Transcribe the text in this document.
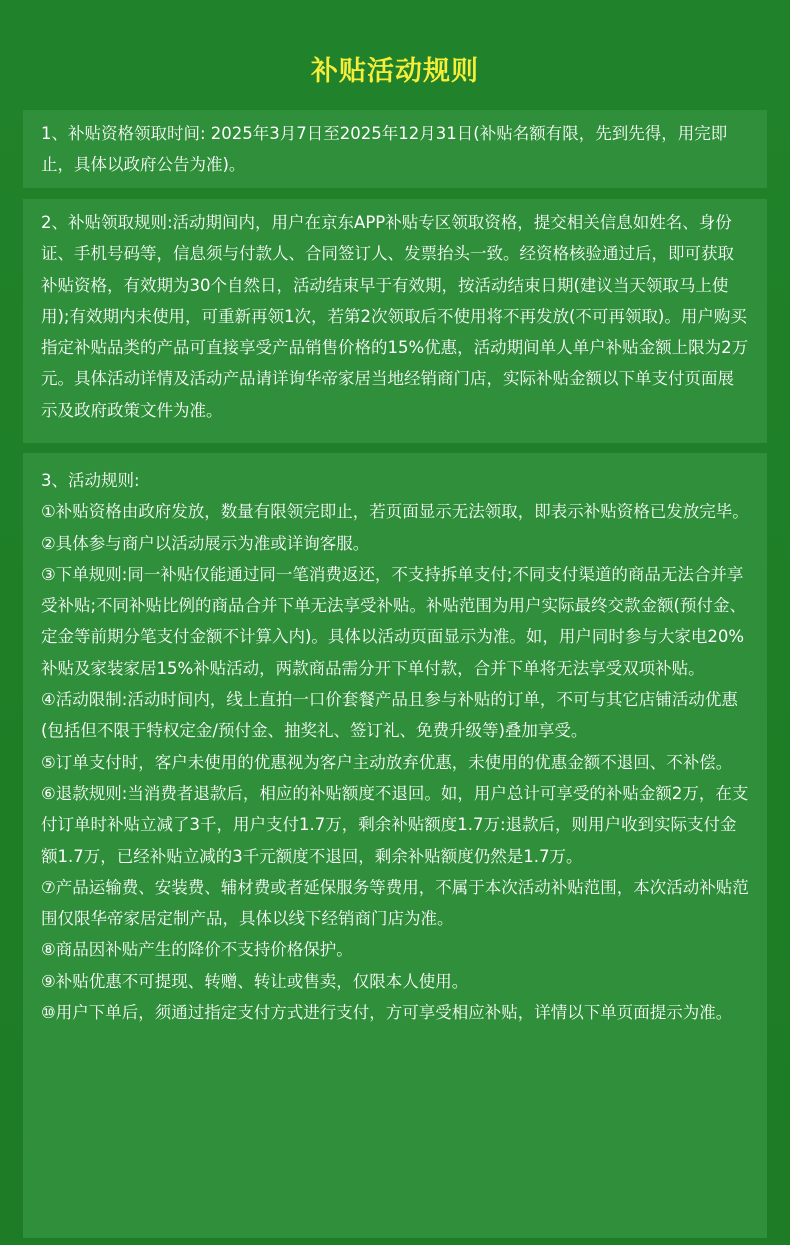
补贴活动规则

1、补贴资格领取时间: 2025年3月7日至2025年12月31日(补贴名额有限，先到先得，用完即止，具体以政府公告为准)。

2、补贴领取规则:活动期间内，用户在京东APP补贴专区领取资格，提交相关信息如姓名、身份证、手机号码等，信息须与付款人、合同签订人、发票抬头一致。经资格核验通过后，即可获取补贴资格，有效期为30个自然日，活动结束早于有效期，按活动结束日期(建议当天领取马上使用);有效期内未使用，可重新再领1次，若第2次领取后不使用将不再发放(不可再领取)。用户购买指定补贴品类的产品可直接享受产品销售价格的15%优惠，活动期间单人单户补贴金额上限为2万元。具体活动详情及活动产品请详询华帝家居当地经销商门店，实际补贴金额以下单支付页面展示及政府政策文件为准。

3、活动规则:

①补贴资格由政府发放，数量有限领完即止，若页面显示无法领取，即表示补贴资格已发放完毕。

②具体参与商户以活动展示为准或详询客服。

③下单规则:同一补贴仅能通过同一笔消费返还，不支持拆单支付;不同支付渠道的商品无法合并享受补贴;不同补贴比例的商品合并下单无法享受补贴。补贴范围为用户实际最终交款金额(预付金、定金等前期分笔支付金额不计算入内)。具体以活动页面显示为准。如，用户同时参与大家电20%补贴及家装家居15%补贴活动，两款商品需分开下单付款，合并下单将无法享受双项补贴。

④活动限制:活动时间内，线上直拍一口价套餐产品且参与补贴的订单，不可与其它店铺活动优惠(包括但不限于特权定金/预付金、抽奖礼、签订礼、免费升级等)叠加享受。

⑤订单支付时，客户未使用的优惠视为客户主动放弃优惠，未使用的优惠金额不退回、不补偿。

⑥退款规则:当消费者退款后，相应的补贴额度不退回。如，用户总计可享受的补贴金额2万，在支付订单时补贴立减了3千，用户支付1.7万，剩余补贴额度1.7万:退款后，则用户收到实际支付金额1.7万，已经补贴立减的3千元额度不退回，剩余补贴额度仍然是1.7万。

⑦产品运输费、安装费、辅材费或者延保服务等费用，不属于本次活动补贴范围，本次活动补贴范围仅限华帝家居定制产品，具体以线下经销商门店为准。

⑧商品因补贴产生的降价不支持价格保护。

⑨补贴优惠不可提现、转赠、转让或售卖，仅限本人使用。

⑩用户下单后，须通过指定支付方式进行支付，方可享受相应补贴，详情以下单页面提示为准。
